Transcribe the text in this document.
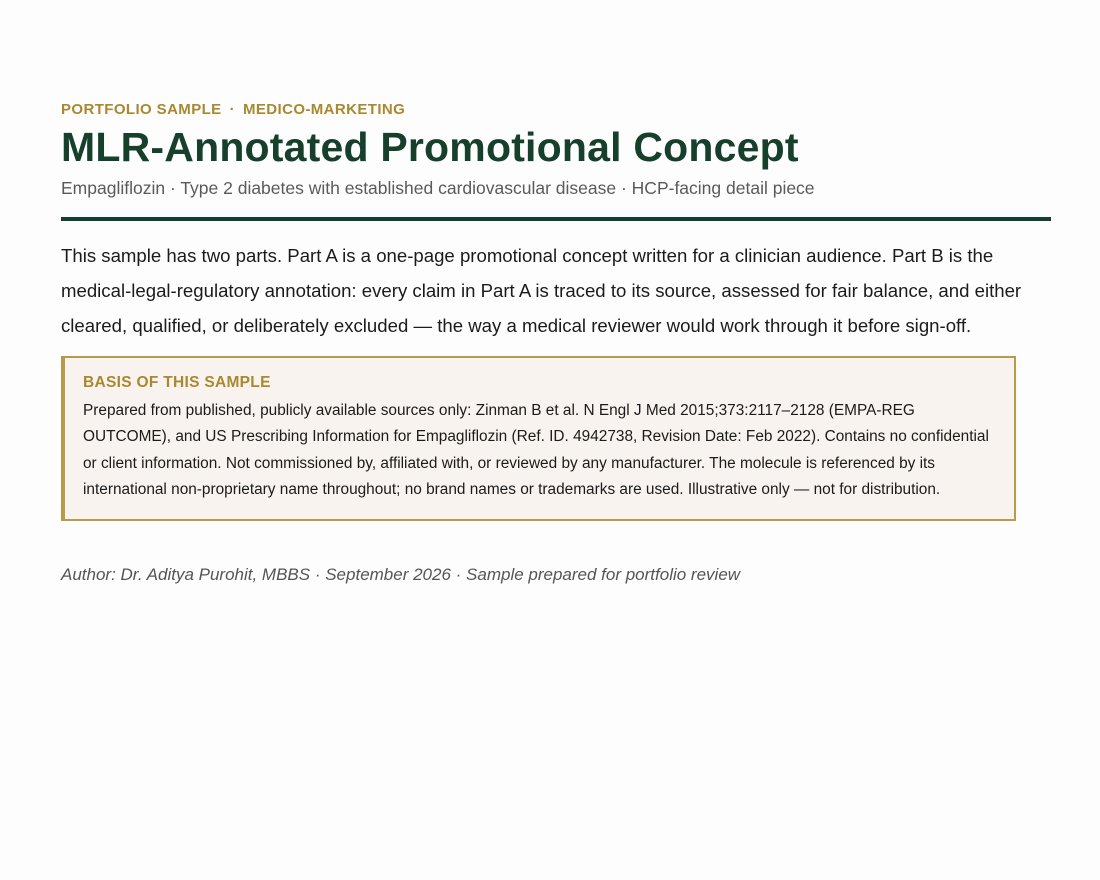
PORTFOLIO SAMPLE · MEDICO-MARKETING

MLR-Annotated Promotional Concept

Empagliflozin · Type 2 diabetes with established cardiovascular disease · HCP-facing detail piece

This sample has two parts. Part A is a one-page promotional concept written for a clinician audience. Part B is the medical-legal-regulatory annotation: every claim in Part A is traced to its source, assessed for fair balance, and either cleared, qualified, or deliberately excluded — the way a medical reviewer would work through it before sign-off.

BASIS OF THIS SAMPLE

Prepared from published, publicly available sources only: Zinman B et al. N Engl J Med 2015;373:2117–2128 (EMPA-REG OUTCOME), and US Prescribing Information for Empagliflozin (Ref. ID. 4942738, Revision Date: Feb 2022). Contains no confidential or client information. Not commissioned by, affiliated with, or reviewed by any manufacturer. The molecule is referenced by its international non-proprietary name throughout; no brand names or trademarks are used. Illustrative only — not for distribution.

Author: Dr. Aditya Purohit, MBBS · September 2026 · Sample prepared for portfolio review
